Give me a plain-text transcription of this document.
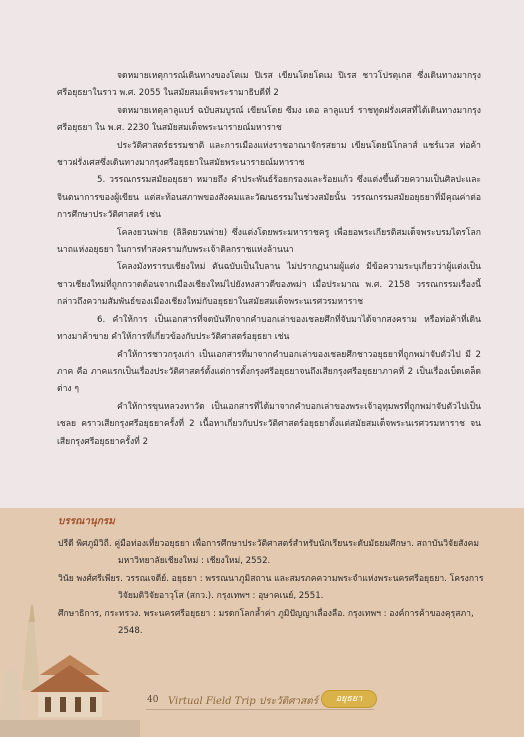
จดหมายเหตุการณ์เดินทางของโตเม ปิเรส เขียนโดยโตเม ปิเรส ชาวโปรตุเกส ซึ่งเดินทางมากรุงศรีอยุธยาในราว พ.ศ. 2055 ในสมัยสมเด็จพระรามาธิบดีที่ 2

จดหมายเหตุลาลูแบร์ ฉบับสมบูรณ์ เขียนโดย ซีมง เดอ ลาลูแบร์ ราชทูตฝรั่งเศสที่ได้เดินทางมากรุงศรีอยุธยา ใน พ.ศ. 2230 ในสมัยสมเด็จพระนารายณ์มหาราช

ประวัติศาสตร์ธรรมชาติ และการเมืองแห่งราชอาณาจักรสยาม เขียนโดยนิโกลาส์ แชร์แวส ท่อค้าชาวฝรั่งเศสซึ่งเดินทางมากรุงศรีอยุธยาในสมัยพระนารายณ์มหาราช

5. วรรณกรรมสมัยอยุธยา หมายถึง คำประพันธ์ร้อยกรองและร้อยแก้ว ซึ่งแต่งขึ้นด้วยความเป็นศิลปะและจินตนาการของผู้เขียน แต่สะท้อนสภาพของสังคมและวัฒนธรรมในช่วงสมัยนั้น วรรณกรรมสมัยอยุธยาที่มีคุณค่าต่อการศึกษาประวัติศาสตร์ เช่น

โคลงยวนพ่าย (ลิลิตยวนพ่าย) ซึ่งแต่งโดยพระมหาราชครู เพื่อยอพระเกียรติสมเด็จพระบรมไตรโลกนาถแห่งอยุธยา ในการทำสงครามกับพระเจ้าติลกราชแห่งล้านนา

โคลงมังทรารบเชียงใหม่ ตันฉบับเป็นใบลาน ไม่ปรากฏนามผู้แต่ง มีข้อความระบุเกี่ยวว่าผู้แต่งเป็นชาวเชียงใหม่ที่ถูกกวาดต้อนจากเมืองเชียงใหม่ไปยังหงสาวดีของพม่า เมื่อประมาณ พ.ศ. 2158 วรรณกรรมเรื่องนี้กล่าวถึงความสัมพันธ์ของเมืองเชียงใหม่กับอยุธยาในสมัยสมเด็จพระนเรศวรมหาราช

6. คำให้การ เป็นเอกสารที่จดบันทึกจากคำบอกเล่าของเชลยศึกที่จับมาได้จากสงคราม หรือท่อค้าที่เดินทางมาค้าขาย คำให้การที่เกี่ยวข้องกับประวัติศาสตร์อยุธยา เช่น

คำให้การชาวกรุงเก่า เป็นเอกสารที่มาจากคำบอกเล่าของเชลยศึกชาวอยุธยาที่ถูกพม่าจับตัวไป มี 2 ภาค คือ ภาคแรกเป็นเรื่องประวัติศาสตร์ตั้งแต่การตั้งกรุงศรีอยุธยาจนถึงเสียกรุงศรีอยุธยาภาคที่ 2 เป็นเรื่องเบ็ดเตล็ดต่าง ๆ

คำให้การขุนหลวงหาวัด เป็นเอกสารที่ได้มาจากคำบอกเล่าของพระเจ้าอุทุมพรที่ถูกพม่าจับตัวไปเป็นเชลย คราวเสียกรุงศรีอยุธยาครั้งที่ 2 เนื้อหาเกี่ยวกับประวัติศาสตร์อยุธยาตั้งแต่สมัยสมเด็จพระนเรศวรมหาราช จนเสียกรุงศรีอยุธยาครั้งที่ 2

บรรณานุกรม

ปรีดี พิศภูมิวิถี. คู่มือท่องเที่ยวอยุธยา เพื่อการศึกษาประวัติศาสตร์สำหรับนักเรียนระดับมัธยมศึกษา. สถาบันวิจัยสังคม มหาวิทยาลัยเชียงใหม่ : เชียงใหม่, 2552.

วินัย พงศ์ศรีเพียร. วรรณเจดีย์. อยุธยา : พรรณนาภูมิสถาน และสมรภคความพระจำแห่งพระนครศรีอยุธยา. โครงการวิจัยมติวิจัยอาวุโส (สกว.). กรุงเทพฯ : อุษาคเนย์, 2551.

ศึกษาธิการ, กระทรวง. พระนครศรีอยุธยา : มรดกโลกล้ำค่า ภูมิปัญญาเลื่องลือ. กรุงเทพฯ : องค์การค้าของคุรุสภา, 2548.

40 Virtual Field Trip ประวัติศาสตร์	อยุธยา
